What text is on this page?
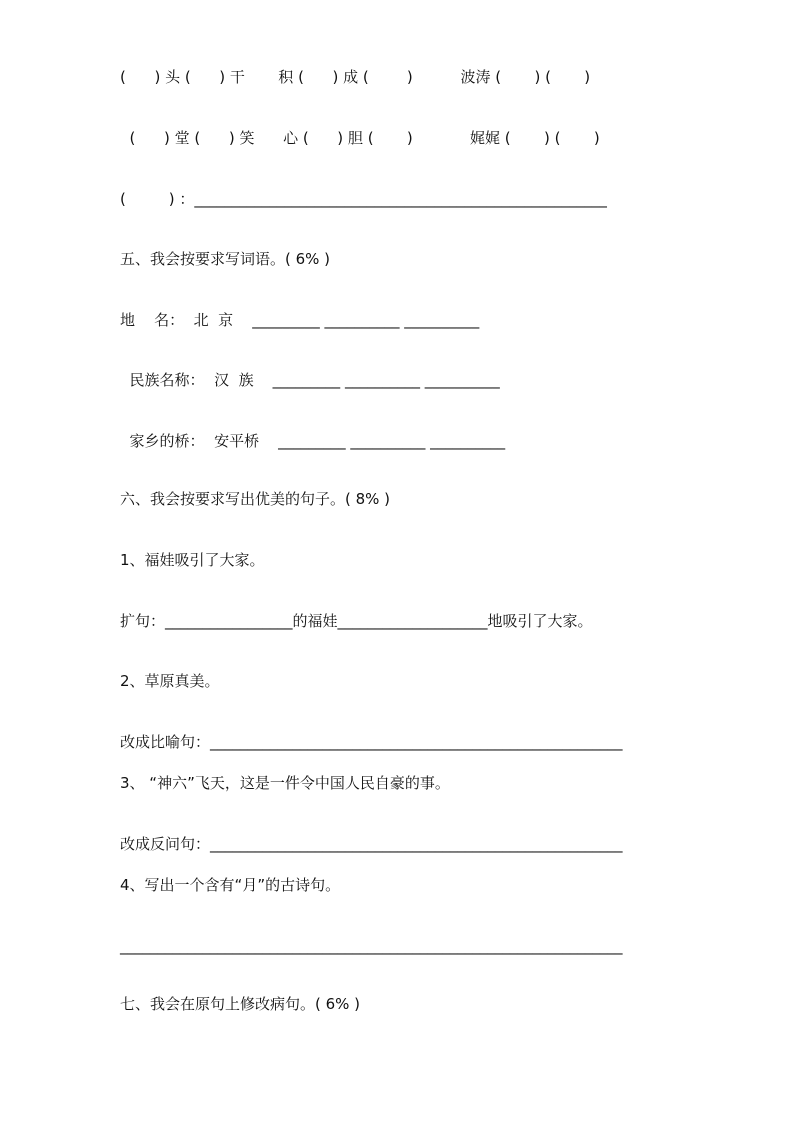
(      ) 头 (      ) 干       积 (      ) 成 (        )          波涛 (       ) (       )
(      ) 堂 (      ) 笑      心 (      ) 胆 (       )            娓娓 (       ) (       )
(         ) ：_______________________________________________________
五、我会按要求写词语。( 6% )
地    名：  北  京    _________ __________ __________
民族名称：  汉  族    _________ __________ __________
家乡的桥：  安平桥    _________ __________ __________
六、我会按要求写出优美的句子。( 8% )
1、福娃吸引了大家。
扩句：_________________的福娃____________________地吸引了大家。
2、草原真美。
改成比喻句：_______________________________________________________
3、 “神六”飞天，这是一件令中国人民自豪的事。
改成反问句：_______________________________________________________
4、写出一个含有“月”的古诗句。
___________________________________________________________________
七、我会在原句上修改病句。( 6% )
